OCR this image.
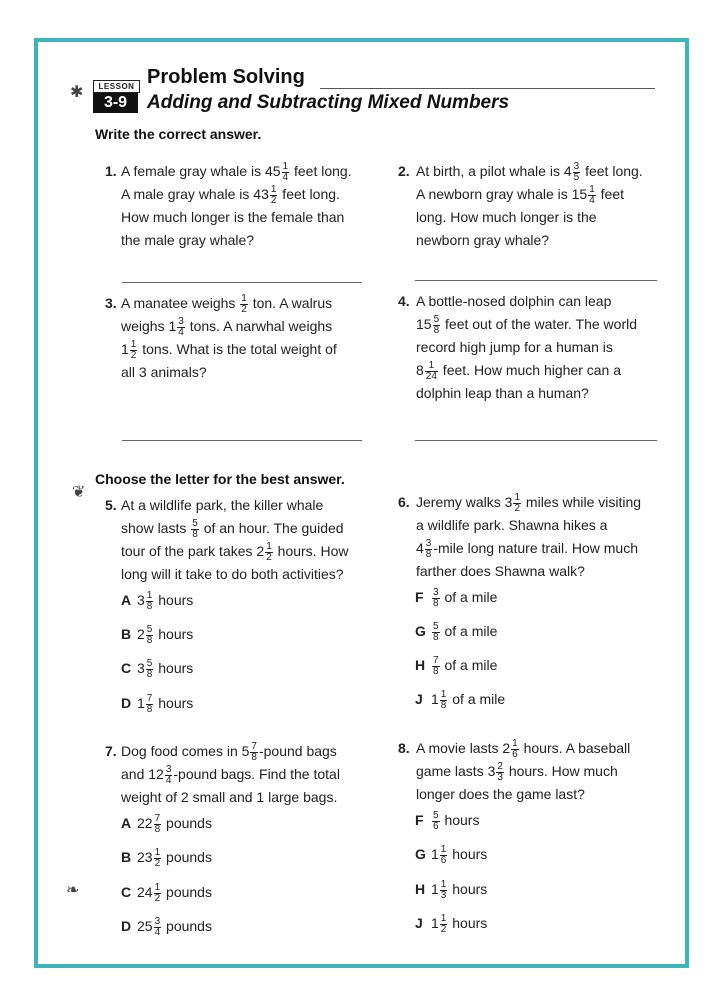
✱
❦
❧
LESSON
3-9
Problem Solving
Adding and Subtracting Mixed Numbers
Write the correct answer.
1. A female gray whale is $45 \frac{1}{4}$ feet long.
A male gray whale is $43 \frac{1}{2}$ feet long.
How much longer is the female than
the male gray whale?
2. At birth, a pilot whale is $4 \frac{3}{5}$ feet long.
A newborn gray whale is $15 \frac{1}{4}$ feet
long. How much longer is the
newborn gray whale?
3. A manatee weighs $\frac{1}{2}$ ton. A walrus
weighs $1 \frac{3}{4}$ tons. A narwhal weighs
$1 \frac{1}{2}$ tons. What is the total weight of
all 3 animals?
4. A bottle-nosed dolphin can leap
$15 \frac{5}{8}$ feet out of the water. The world
record high jump for a human is
$8 \frac{1}{24}$ feet. How much higher can a
dolphin leap than a human?
Choose the letter for the best answer.
5. At a wildlife park, the killer whale
show lasts $\frac{5}{8}$ of an hour. The guided
tour of the park takes $2 \frac{1}{2}$ hours. How
long will it take to do both activities?
6. Jeremy walks $3 \frac{1}{2}$ miles while visiting
a wildlife park. Shawna hikes a
$4 \frac{3}{8}$ -mile long nature trail. How much
farther does Shawna walk?
A $3 \frac{1}{8}$ hours
B $2 \frac{5}{8}$ hours
C $3 \frac{5}{8}$ hours
D $1 \frac{7}{8}$ hours
F $\frac{3}{8}$ of a mile
G $\frac{5}{8}$ of a mile
H $\frac{7}{8}$ of a mile
J $1 \frac{1}{8}$ of a mile
7. Dog food comes in $5 \frac{7}{8}$ -pound bags
and $12 \frac{3}{4}$ -pound bags. Find the total
weight of 2 small and 1 large bags.
8. A movie lasts $2 \frac{1}{6}$ hours. A baseball
game lasts $3 \frac{2}{3}$ hours. How much
longer does the game last?
A $22 \frac{7}{8}$ pounds
B $23 \frac{1}{2}$ pounds
C $24 \frac{1}{2}$ pounds
D $25 \frac{3}{4}$ pounds
F $\frac{5}{6}$ hours
G $1 \frac{1}{6}$ hours
H $1 \frac{1}{3}$ hours
J $1 \frac{1}{2}$ hours
